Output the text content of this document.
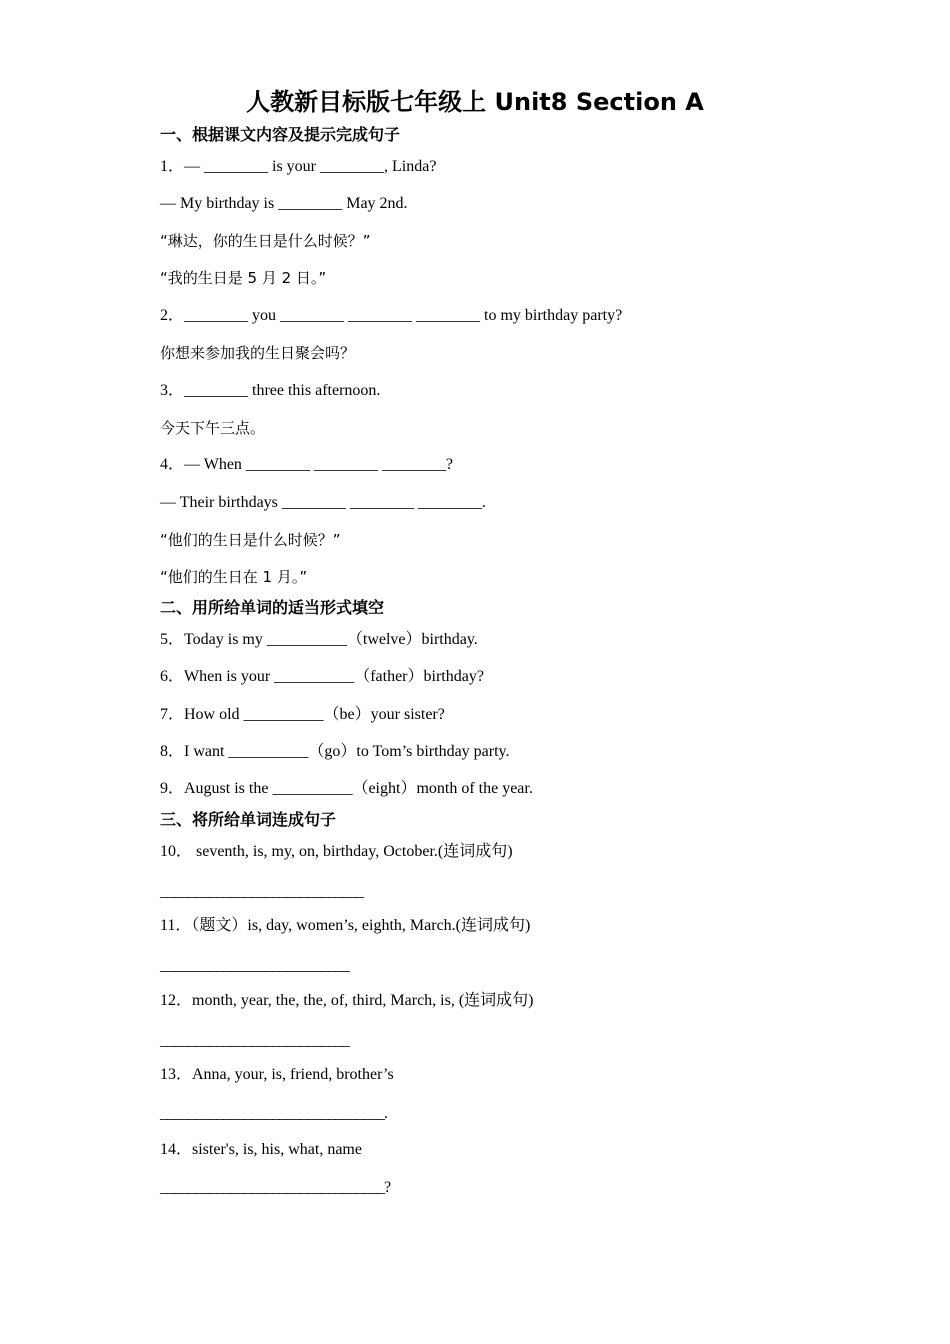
人教新目标版七年级上 Unit8 Section A
一、根据课文内容及提示完成句子
1．— ________ is your ________, Linda?
— My birthday is ________ May 2nd.
“琳达，你的生日是什么时候？”
“我的生日是 5 月 2 日。”
2．________ you ________ ________ ________ to my birthday party?
你想来参加我的生日聚会吗？
3．________ three this afternoon.
今天下午三点。
4．— When ________ ________ ________?
— Their birthdays ________ ________ ________.
“他们的生日是什么时候？”
“他们的生日在 1 月。”
二、用所给单词的适当形式填空
5．Today is my __________（twelve）birthday.
6．When is your __________（father）birthday?
7．How old __________（be）your sister?
8．I want __________（go）to Tom’s birthday party.
9．August is the __________（eight）month of the year.
三、将所给单词连成句子
10． seventh, is, my, on, birthday, October.(连词成句)
_____________________________
11．（题文）is, day, women’s, eighth, March.(连词成句)
___________________________
12．month, year, the, the, of, third, March, is, (连词成句)
___________________________
13．Anna, your, is, friend, brother’s
________________________________.
14．sister's, is, his, what, name
________________________________?
